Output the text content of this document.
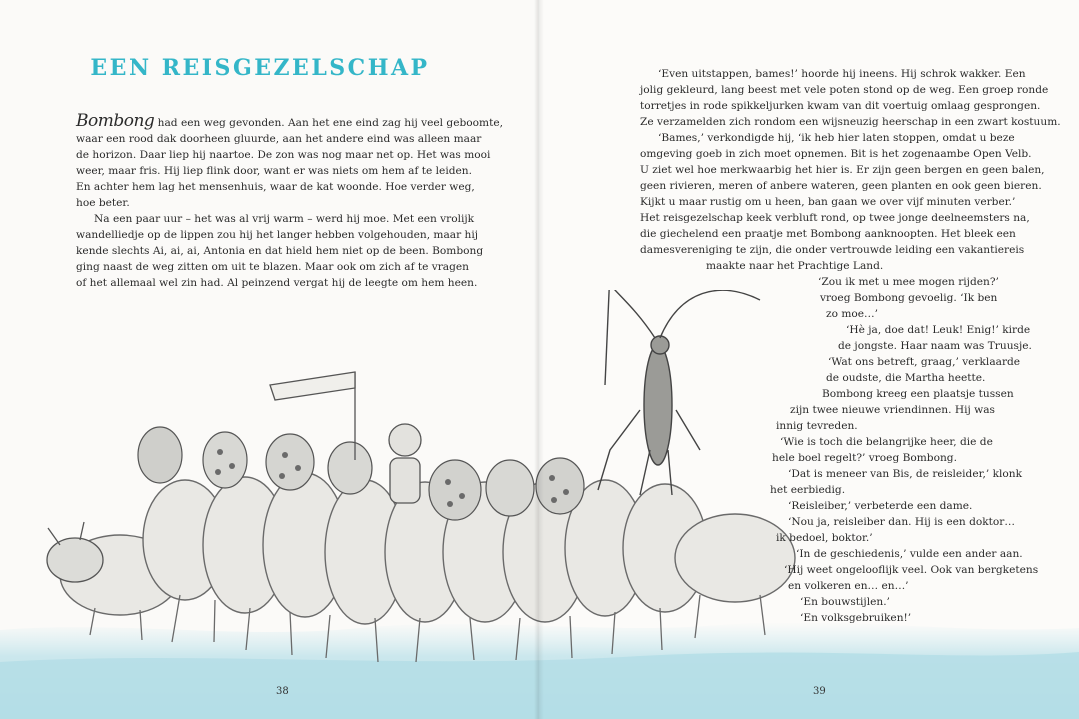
EEN REISGEZELSCHAP
Bombong had een weg gevonden. Aan het ene eind zag hij veel geboomte,
waar een rood dak doorheen gluurde, aan het andere eind was alleen maar
de horizon. Daar liep hij naartoe. De zon was nog maar net op. Het was mooi
weer, maar fris. Hij liep flink door, want er was niets om hem af te leiden.
En achter hem lag het mensenhuis, waar de kat woonde. Hoe verder weg,
hoe beter.
Na een paar uur – het was al vrij warm – werd hij moe. Met een vrolijk
wandelliedje op de lippen zou hij het langer hebben volgehouden, maar hij
kende slechts Ai, ai, ai, Antonia en dat hield hem niet op de been. Bombong
ging naast de weg zitten om uit te blazen. Maar ook om zich af te vragen
of het allemaal wel zin had. Al peinzend vergat hij de leegte om hem heen.
38
‘Even uitstappen, bames!’ hoorde hij ineens. Hij schrok wakker. Een
jolig gekleurd, lang beest met vele poten stond op de weg. Een groep ronde
torretjes in rode spikkeljurken kwam van dit voertuig omlaag gesprongen.
Ze verzamelden zich rondom een wijsneuzig heerschap in een zwart kostuum.
‘Bames,’ verkondigde hij, ‘ik heb hier laten stoppen, omdat u beze
omgeving goeb in zich moet opnemen. Bit is het zogenaambe Open Velb.
U ziet wel hoe merkwaarbig het hier is. Er zijn geen bergen en geen balen,
geen rivieren, meren of anbere wateren, geen planten en ook geen bieren.
Kijkt u maar rustig om u heen, ban gaan we over vijf minuten verber.’
Het reisgezelschap keek verbluft rond, op twee jonge deelneemsters na,
die giechelend een praatje met Bombong aanknoopten. Het bleek een
damesvereniging te zijn, die onder vertrouwde leiding een vakantiereis
maakte naar het Prachtige Land.
‘Zou ik met u mee mogen rijden?’
vroeg Bombong gevoelig. ‘Ik ben
zo moe…’
‘Hè ja, doe dat! Leuk! Enig!’ kirde
de jongste. Haar naam was Truusje.
‘Wat ons betreft, graag,’ verklaarde
de oudste, die Martha heette.
Bombong kreeg een plaatsje tussen
zijn twee nieuwe vriendinnen. Hij was
innig tevreden.
‘Wie is toch die belangrijke heer, die de
hele boel regelt?’ vroeg Bombong.
‘Dat is meneer van Bis, de reisleider,’ klonk
het eerbiedig.
‘Reisleiber,’ verbeterde een dame.
‘Nou ja, reisleiber dan. Hij is een doktor…
ik bedoel, boktor.’
‘In de geschiedenis,’ vulde een ander aan.
‘Hij weet ongelooflijk veel. Ook van bergketens
en volkeren en… en…’
‘En bouwstijlen.’
‘En volksgebruiken!’
39
